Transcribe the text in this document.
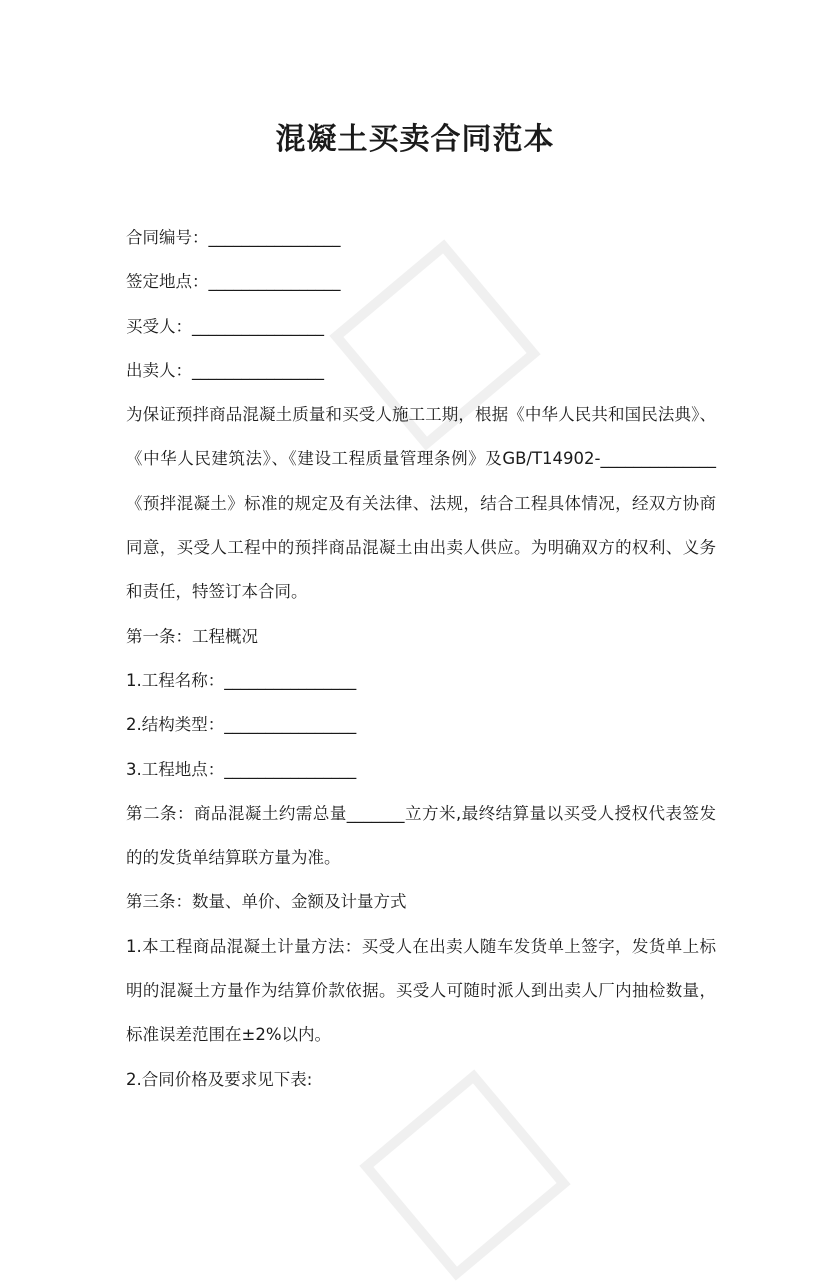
混凝土买卖合同范本
合同编号：________________
签定地点：________________
买受人：________________
出卖人：________________
为保证预拌商品混凝土质量和买受人施工工期，根据《中华人民共和国民法典》、《中华人民建筑法》、《建设工程质量管理条例》及GB/T14902-______________《预拌混凝土》标准的规定及有关法律、法规，结合工程具体情况，经双方协商同意，买受人工程中的预拌商品混凝土由出卖人供应。为明确双方的权利、义务和责任，特签订本合同。
第一条：工程概况
1.工程名称：________________
2.结构类型：________________
3.工程地点：________________
第二条：商品混凝土约需总量_______立方米,最终结算量以买受人授权代表签发的的发货单结算联方量为准。
第三条：数量、单价、金额及计量方式
1.本工程商品混凝土计量方法：买受人在出卖人随车发货单上签字，发货单上标明的混凝土方量作为结算价款依据。买受人可随时派人到出卖人厂内抽检数量，标准误差范围在±2%以内。
2.合同价格及要求见下表:
